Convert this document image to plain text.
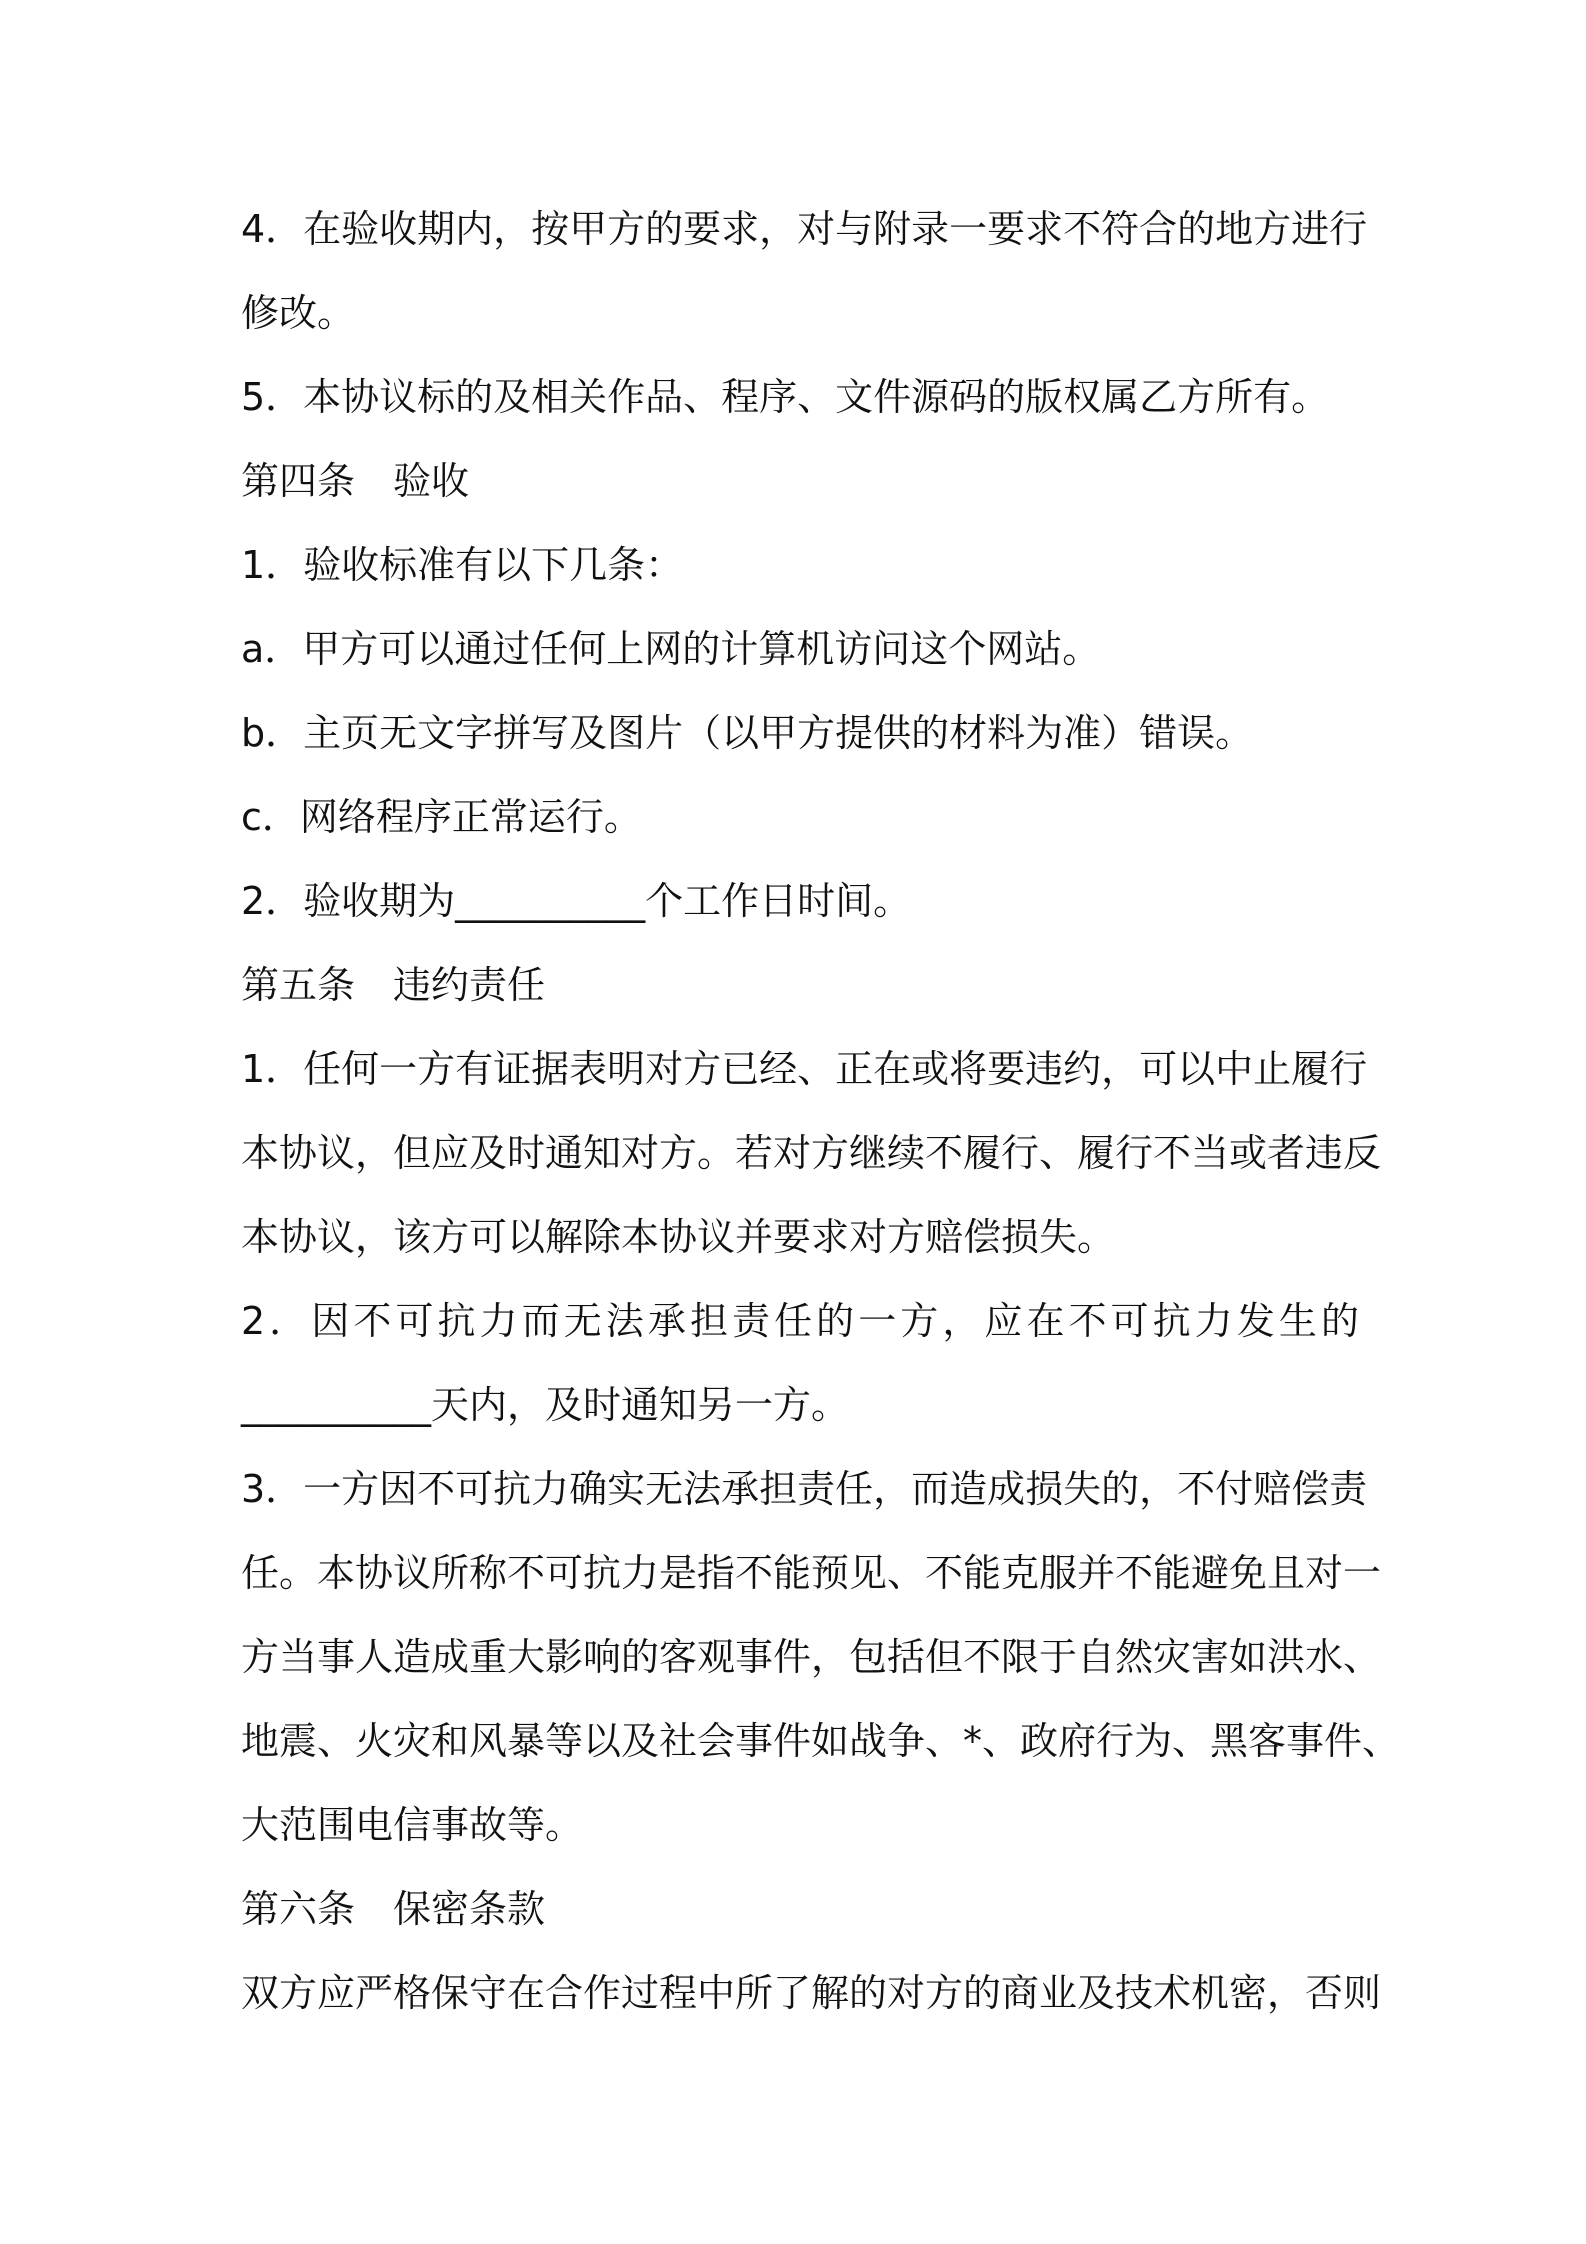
4．在验收期内，按甲方的要求，对与附录一要求不符合的地方进行
修改。
5．本协议标的及相关作品、程序、文件源码的版权属乙方所有。
第四条　验收
1．验收标准有以下几条：
a．甲方可以通过任何上网的计算机访问这个网站。
b．主页无文字拼写及图片（以甲方提供的材料为准）错误。
c．网络程序正常运行。
2．验收期为__________个工作日时间。
第五条　违约责任
1．任何一方有证据表明对方已经、正在或将要违约，可以中止履行
本协议，但应及时通知对方。若对方继续不履行、履行不当或者违反
本协议，该方可以解除本协议并要求对方赔偿损失。
2．因不可抗力而无法承担责任的一方，应在不可抗力发生的
__________天内，及时通知另一方。
3．一方因不可抗力确实无法承担责任，而造成损失的，不付赔偿责
任。本协议所称不可抗力是指不能预见、不能克服并不能避免且对一
方当事人造成重大影响的客观事件，包括但不限于自然灾害如洪水、
地震、火灾和风暴等以及社会事件如战争、*、政府行为、黑客事件、
大范围电信事故等。
第六条　保密条款
双方应严格保守在合作过程中所了解的对方的商业及技术机密，否则
